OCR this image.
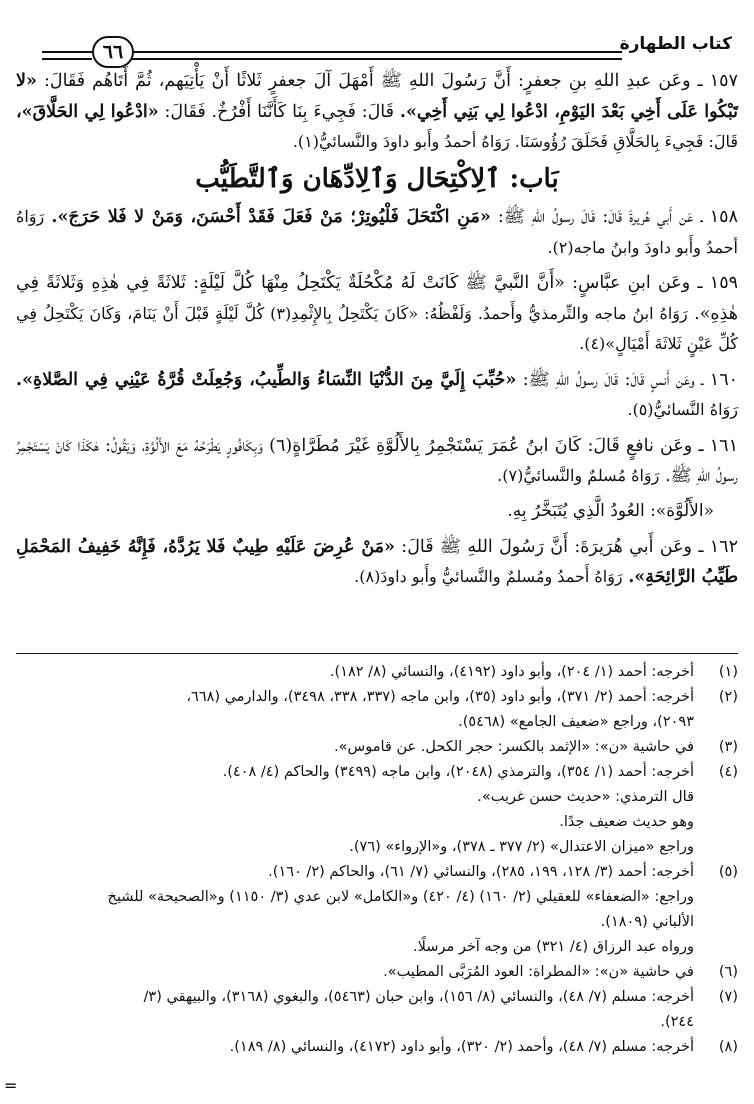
كتاب الطهارة
٦٦

١٥٧ ـ وعَن عبدِ اللهِ بنِ جعفرٍ: أَنَّ رَسُولَ اللهِ ﷺ أَمْهَلَ آلَ جعفرٍ ثَلاثًا أَنْ يَأْتِيَهم، ثُمَّ أَتَاهُم فَقَالَ: «لا تَبْكُوا عَلَى أَخِي بَعْدَ اليَوْمِ، ادْعُوا لِي بَنِي أَخِي». قَالَ: فَجِيءَ بِنَا كَأَنَّنَا أَفْرُخٌ. فَقَالَ: «ادْعُوا لِي الحَلَّاقَ»، قَالَ: فَجِيءَ بِالحَلَّاقِ فَحَلَقَ رُؤُوسَنَا. رَوَاهُ أحمدُ وأَبو داودَ والنَّسائيُّ(١).

بَاب: ٱلِاكْتِحَال وَٱلِادِّهَان وَٱلتَّطَيُّب

١٥٨ ـ عَن أَبي هُريرةَ قَالَ: قَالَ رسولُ اللهِ ﷺ: «مَنِ اكْتَحَلَ فَلْيُوتِرْ؛ مَنْ فَعَلَ فَقَدْ أَحْسَنَ، وَمَنْ لا فَلا حَرَجَ». رَوَاهُ أحمدُ وأَبو داودَ وابنُ ماجه(٢).

١٥٩ ـ وعَن ابنِ عبَّاسٍ: «أَنَّ النَّبيَّ ﷺ كَانَتْ لَهُ مُكْحُلَةٌ يَكْتَحِلُ مِنْهَا كُلَّ لَيْلَةٍ: ثَلاثَةً فِي هٰذِهِ وَثَلاثَةً فِي هٰذِهِ». رَوَاهُ ابنُ ماجه والتِّرمذيُّ وأَحمدُ. وَلَفْظُهُ: «كَانَ يَكْتَحِلُ بِالإِثْمِدِ(٣) كُلَّ لَيْلَةٍ قَبْلَ أَنْ يَنَامَ، وَكَانَ يَكْتَحِلُ فِي كُلِّ عَيْنٍ ثَلاثَةَ أَمْيَالٍ»(٤).

١٦٠ ـ وعَن أَنسٍ قَالَ: قَالَ رسولُ اللهِ ﷺ: «حُبِّبَ إِلَيَّ مِنَ الدُّنْيَا النِّسَاءُ وَالطِّيبُ، وَجُعِلَتْ قُرَّةُ عَيْنِي فِي الصَّلاةِ». رَوَاهُ النَّسائيُّ(٥).

١٦١ ـ وعَن نافعٍ قَالَ: كَانَ ابنُ عُمَرَ يَسْتَجْمِرُ بِالأَلُوَّةِ غَيْرَ مُطَرَّاةٍ(٦) وَبِكَافُورٍ يَطْرَحُهُ مَعَ الأَلُوَّةِ، وَيَقُولُ: هٰكَذَا كَانَ يَسْتَجْمِرُ رسولُ اللهِ ﷺ. رَوَاهُ مُسلمٌ والنَّسائيُّ(٧).

«الأَلُوَّة»: العُودُ الَّذِي يُتَبَخَّرُ بِهِ.

١٦٢ ـ وعَن أَبي هُرَيرَةَ: أَنَّ رَسُولَ اللهِ ﷺ قَالَ: «مَنْ عُرِضَ عَلَيْهِ طِيبٌ فَلا يَرُدَّهُ، فَإِنَّهُ خَفِيفُ المَحْمَلِ طَيِّبُ الرَّائِحَةِ». رَوَاهُ أَحمدُ ومُسلمٌ والنَّسائيُّ وأَبو داودَ(٨).

(١)
أخرجه: أحمد (١/ ٢٠٤)، وأبو داود (٤١٩٢)، والنسائي (٨/ ١٨٢).
(٢)
أخرجه: أحمد (٢/ ٣٧١)، وأبو داود (٣٥)، وابن ماجه (٣٣٧، ٣٣٨، ٣٤٩٨)، والدارمي (٦٦٨،
٢٠٩٣)، وراجع «ضعيف الجامع» (٥٤٦٨).
(٣)
في حاشية «ن»: «الإثمد بالكسر: حجر الكحل. عن قاموس».
(٤)
أخرجه: أحمد (١/ ٣٥٤)، والترمذي (٢٠٤٨)، وابن ماجه (٣٤٩٩) والحاكم (٤/ ٤٠٨).
قال الترمذي: «حديث حسن غريب».
وهو حديث ضعيف جدًا.
وراجع «ميزان الاعتدال» (٢/ ٣٧٧ ـ ٣٧٨)، و«الإرواء» (٧٦).
(٥)
أخرجه: أحمد (٣/ ١٢٨، ١٩٩، ٢٨٥)، والنسائي (٧/ ٦١)، والحاكم (٢/ ١٦٠).
وراجع: «الضعفاء» للعقيلي (٢/ ١٦٠) (٤/ ٤٢٠) و«الكامل» لابن عدي (٣/ ١١٥٠) و«الصحيحة» للشيخ
الألباني (١٨٠٩).
ورواه عبد الرزاق (٤/ ٣٢١) من وجه آخر مرسلًا.
(٦)
في حاشية «ن»: «المطراة: العود المُرَبَّى المطيب».
(٧)
أخرجه: مسلم (٧/ ٤٨)، والنسائي (٨/ ١٥٦)، وابن حبان (٥٤٦٣)، والبغوي (٣١٦٨)، والبيهقي (٣/
٢٤٤).
(٨)
أخرجه: مسلم (٧/ ٤٨)، وأحمد (٢/ ٣٢٠)، وأبو داود (٤١٧٢)، والنسائي (٨/ ١٨٩).
=
